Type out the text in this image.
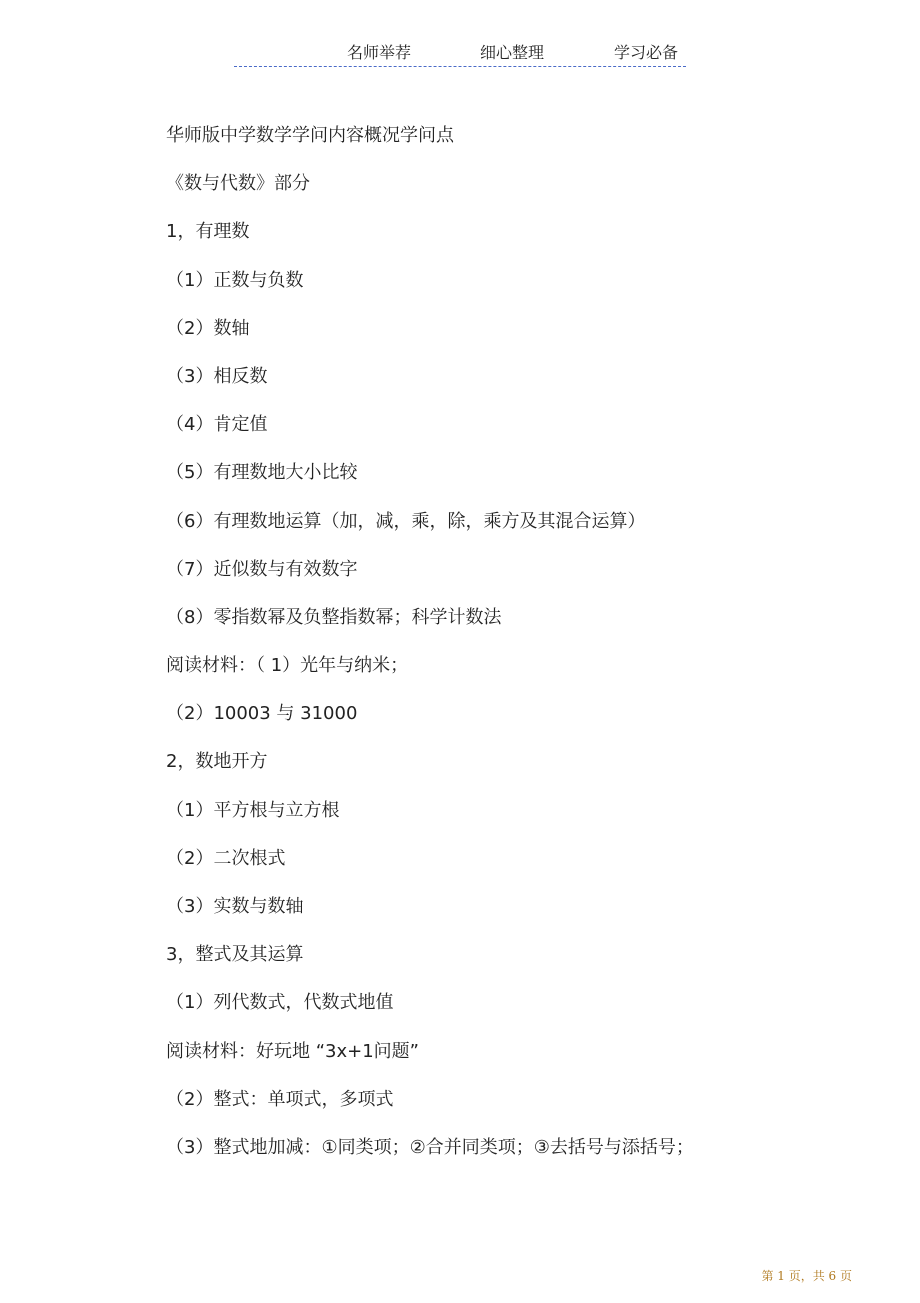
名师举荐	细心整理	学习必备
华师版中学数学学问内容概况学问点
《数与代数》部分
1，有理数
（1）正数与负数
（2）数轴
（3）相反数
（4）肯定值
（5）有理数地大小比较
（6）有理数地运算（加，减，乘，除，乘方及其混合运算）
（7）近似数与有效数字
（8）零指数幂及负整指数幂；科学计数法
阅读材料：（ 1）光年与纳米；
（2）10003 与 31000
2，数地开方
（1）平方根与立方根
（2）二次根式
（3）实数与数轴
3，整式及其运算
（1）列代数式，代数式地值
阅读材料：好玩地 “3x+1问题”
（2）整式：单项式，多项式
（3）整式地加减：①同类项；②合并同类项；③去括号与添括号；
第 1 页，共 6 页
